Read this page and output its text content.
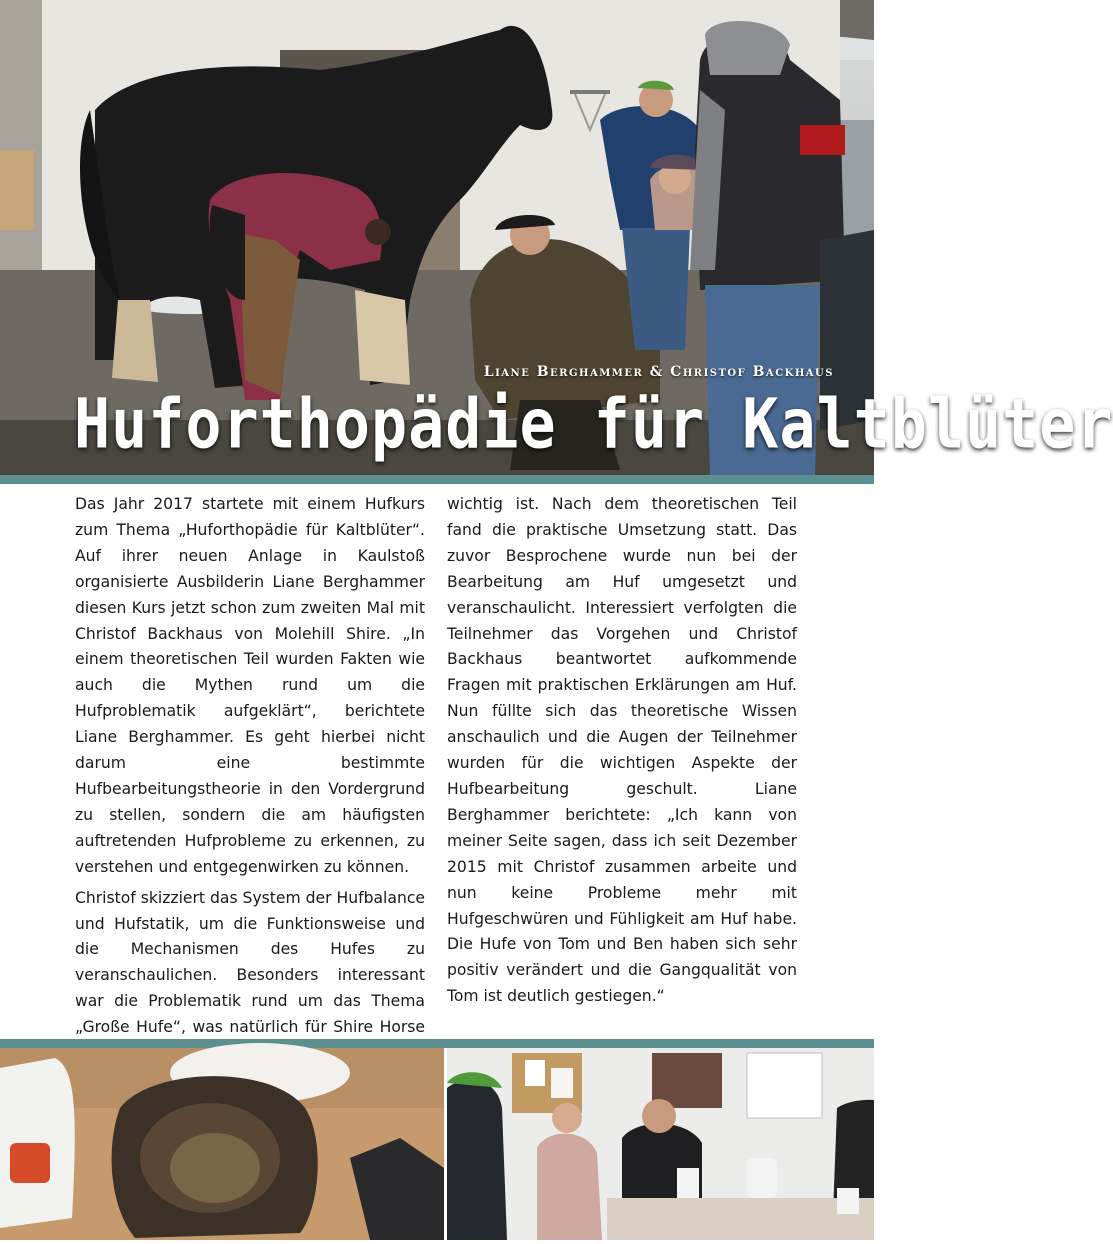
Liane Berghammer & Christof Backhaus
Huforthopädie für Kaltblüter

Das Jahr 2017 startete mit einem Hufkurs zum Thema „Huforthopädie für Kaltblüter“. Auf ihrer neuen Anlage in Kaulstoß organisierte Ausbilderin Liane Berghammer diesen Kurs jetzt schon zum zweiten Mal mit Christof Backhaus von Molehill Shire. „In einem theoretischen Teil wurden Fakten wie auch die Mythen rund um die Hufproblematik aufgeklärt“, berichtete Liane Berghammer. Es geht hierbei nicht darum eine bestimmte Hufbearbeitungstheorie in den Vordergrund zu stellen, sondern die am häufigsten auftretenden Hufprobleme zu erkennen, zu verstehen und entgegenwirken zu können.

Christof skizziert das System der Hufbalance und Hufstatik, um die Funktionsweise und die Mechanismen des Hufes zu veranschaulichen. Besonders interessant war die Problematik rund um das Thema „Große Hufe“, was natürlich für Shire Horse

wichtig ist. Nach dem theoretischen Teil fand die praktische Umsetzung statt. Das zuvor Besprochene wurde nun bei der Bearbeitung am Huf umgesetzt und veranschaulicht. Interessiert verfolgten die Teilnehmer das Vorgehen und Christof Backhaus beantwortet aufkommende Fragen mit praktischen Erklärungen am Huf. Nun füllte sich das theoretische Wissen anschaulich und die Augen der Teilnehmer wurden für die wichtigen Aspekte der Hufbearbeitung geschult. Liane Berghammer berichtete: „Ich kann von meiner Seite sagen, dass ich seit Dezember 2015 mit Christof zusammen arbeite und nun keine Probleme mehr mit Hufgeschwüren und Fühligkeit am Huf habe. Die Hufe von Tom und Ben haben sich sehr positiv verändert und die Gangqualität von Tom ist deutlich gestiegen.“
